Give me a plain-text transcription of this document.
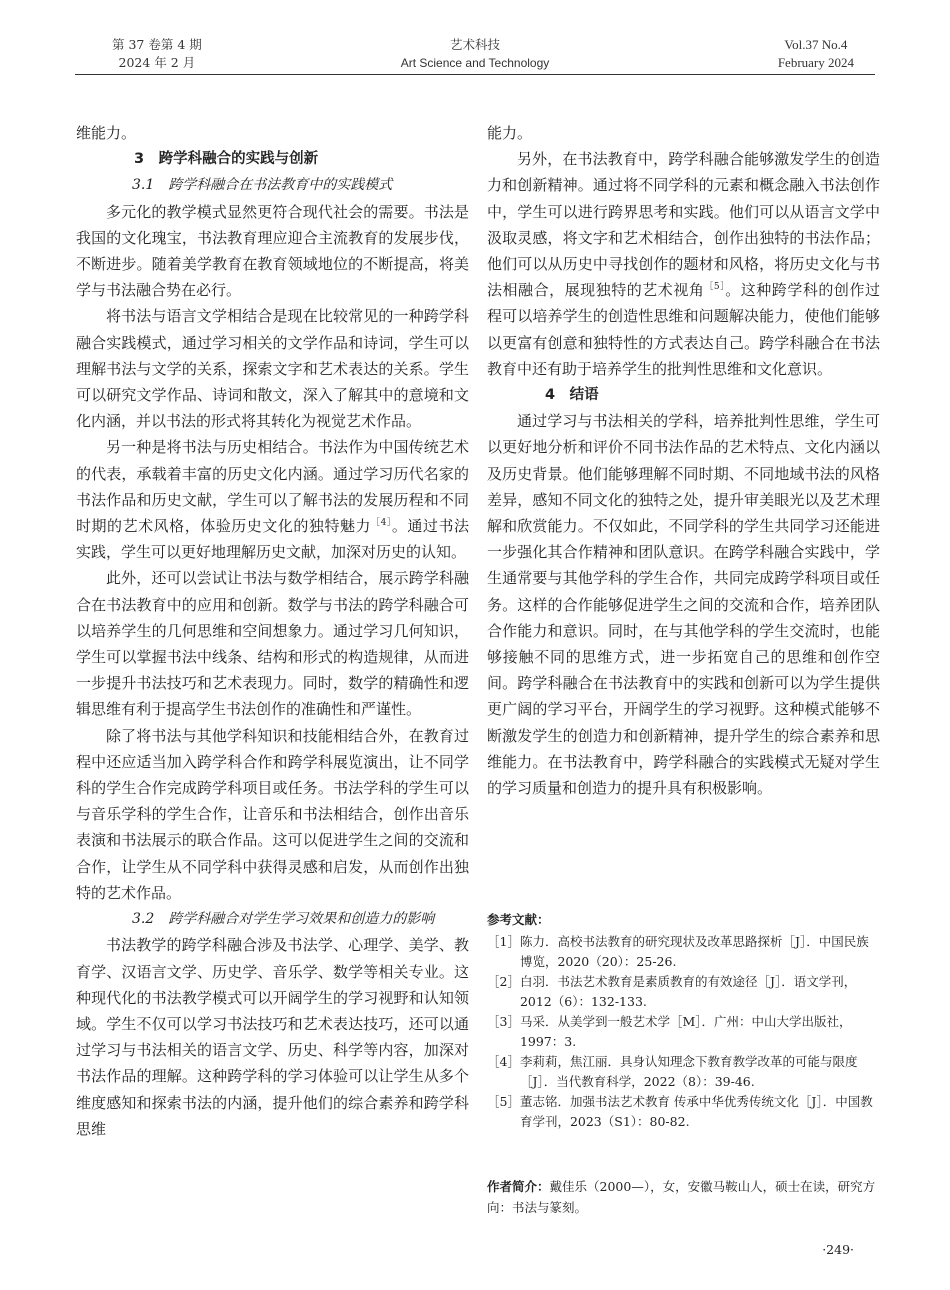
第 37 卷第 4 期
2024 年 2 月
艺术科技
Art Science and Technology
Vol.37 No.4
February 2024

维能力。

3　跨学科融合的实践与创新

3.1　跨学科融合在书法教育中的实践模式

多元化的教学模式显然更符合现代社会的需要。书法是我国的文化瑰宝，书法教育理应迎合主流教育的发展步伐，不断进步。随着美学教育在教育领域地位的不断提高，将美学与书法融合势在必行。

将书法与语言文学相结合是现在比较常见的一种跨学科融合实践模式，通过学习相关的文学作品和诗词，学生可以理解书法与文学的关系，探索文字和艺术表达的关系。学生可以研究文学作品、诗词和散文，深入了解其中的意境和文化内涵，并以书法的形式将其转化为视觉艺术作品。

另一种是将书法与历史相结合。书法作为中国传统艺术的代表，承载着丰富的历史文化内涵。通过学习历代名家的书法作品和历史文献，学生可以了解书法的发展历程和不同时期的艺术风格，体验历史文化的独特魅力$^{[4]}$。通过书法实践，学生可以更好地理解历史文献，加深对历史的认知。

此外，还可以尝试让书法与数学相结合，展示跨学科融合在书法教育中的应用和创新。数学与书法的跨学科融合可以培养学生的几何思维和空间想象力。通过学习几何知识，学生可以掌握书法中线条、结构和形式的构造规律，从而进一步提升书法技巧和艺术表现力。同时，数学的精确性和逻辑思维有利于提高学生书法创作的准确性和严谨性。

除了将书法与其他学科知识和技能相结合外，在教育过程中还应适当加入跨学科合作和跨学科展览演出，让不同学科的学生合作完成跨学科项目或任务。书法学科的学生可以与音乐学科的学生合作，让音乐和书法相结合，创作出音乐表演和书法展示的联合作品。这可以促进学生之间的交流和合作，让学生从不同学科中获得灵感和启发，从而创作出独特的艺术作品。

3.2　跨学科融合对学生学习效果和创造力的影响

书法教学的跨学科融合涉及书法学、心理学、美学、教育学、汉语言文学、历史学、音乐学、数学等相关专业。这种现代化的书法教学模式可以开阔学生的学习视野和认知领域。学生不仅可以学习书法技巧和艺术表达技巧，还可以通过学习与书法相关的语言文学、历史、科学等内容，加深对书法作品的理解。这种跨学科的学习体验可以让学生从多个维度感知和探索书法的内涵，提升他们的综合素养和跨学科思维

能力。

另外，在书法教育中，跨学科融合能够激发学生的创造力和创新精神。通过将不同学科的元素和概念融入书法创作中，学生可以进行跨界思考和实践。他们可以从语言文学中汲取灵感，将文字和艺术相结合，创作出独特的书法作品；他们可以从历史中寻找创作的题材和风格，将历史文化与书法相融合，展现独特的艺术视角$^{[5]}$。这种跨学科的创作过程可以培养学生的创造性思维和问题解决能力，使他们能够以更富有创意和独特性的方式表达自己。跨学科融合在书法教育中还有助于培养学生的批判性思维和文化意识。

4　结语

通过学习与书法相关的学科，培养批判性思维，学生可以更好地分析和评价不同书法作品的艺术特点、文化内涵以及历史背景。他们能够理解不同时期、不同地域书法的风格差异，感知不同文化的独特之处，提升审美眼光以及艺术理解和欣赏能力。不仅如此，不同学科的学生共同学习还能进一步强化其合作精神和团队意识。在跨学科融合实践中，学生通常要与其他学科的学生合作，共同完成跨学科项目或任务。这样的合作能够促进学生之间的交流和合作，培养团队合作能力和意识。同时，在与其他学科的学生交流时，也能够接触不同的思维方式，进一步拓宽自己的思维和创作空间。跨学科融合在书法教育中的实践和创新可以为学生提供更广阔的学习平台，开阔学生的学习视野。这种模式能够不断激发学生的创造力和创新精神，提升学生的综合素养和思维能力。在书法教育中，跨学科融合的实践模式无疑对学生的学习质量和创造力的提升具有积极影响。

参考文献：

［1］ 陈力．高校书法教育的研究现状及改革思路探析［J］．中国民族博览，2020（20）：25-26.
［2］ 白羽．书法艺术教育是素质教育的有效途径［J］．语文学刊，2012（6）：132-133.
［3］ 马采．从美学到一般艺术学［M］．广州：中山大学出版社，1997：3.
［4］ 李莉莉，焦江丽．具身认知理念下教育教学改革的可能与限度［J］．当代教育科学，2022（8）：39-46.
［5］ 董志铭．加强书法艺术教育 传承中华优秀传统文化［J］．中国教育学刊，2023（S1）：80-82.
作者简介：戴佳乐（2000—），女，安徽马鞍山人，硕士在读，研究方向：书法与篆刻。
·249·
